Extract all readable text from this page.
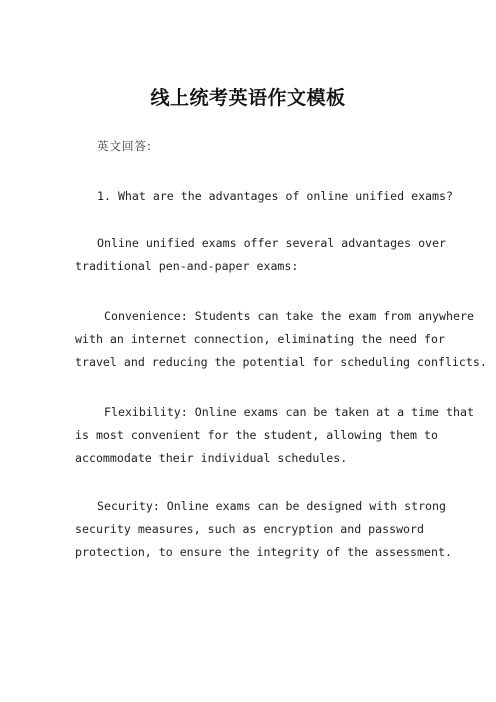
线上统考英语作文模板
英文回答:
1. What are the advantages of online unified exams?
Online unified exams offer several advantages over
traditional pen-and-paper exams:
Convenience: Students can take the exam from anywhere
with an internet connection, eliminating the need for
travel and reducing the potential for scheduling conflicts.
Flexibility: Online exams can be taken at a time that
is most convenient for the student, allowing them to
accommodate their individual schedules.
Security: Online exams can be designed with strong
security measures, such as encryption and password
protection, to ensure the integrity of the assessment.
